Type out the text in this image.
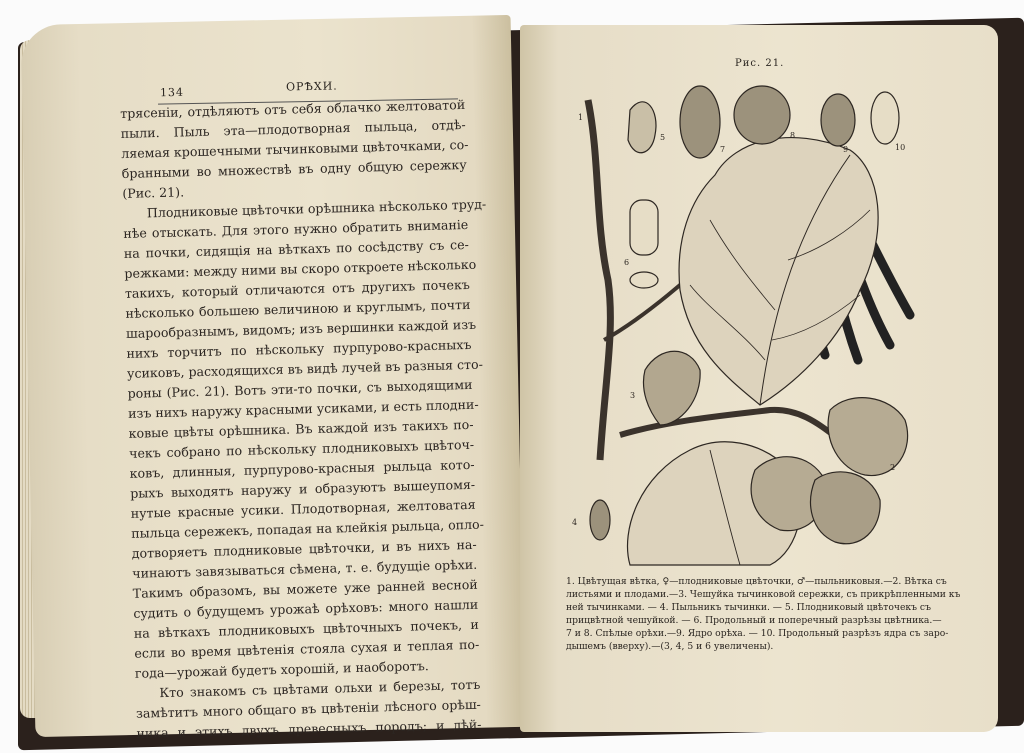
134	ОРѢХИ.
трясеніи, отдѣляютъ отъ себя облачко желтоватой
пыли. Пыль эта—плодотворная пыльца, отдѣ-
ляемая крошечными тычинковыми цвѣточками, со-
бранными во множествѣ въ одну общую сережку
(Рис. 21).
Плодниковые цвѣточки орѣшника нѣсколько труд-
нѣе отыскать. Для этого нужно обратить вниманіе
на почки, сидящія на вѣткахъ по сосѣдству съ се-
режками: между ними вы скоро откроете нѣсколько
такихъ, который отличаются отъ другихъ почекъ
нѣсколько большею величиною и круглымъ, почти
шарообразнымъ, видомъ; изъ вершинки каждой изъ
нихъ торчитъ по нѣскольку пурпурово-красныхъ
усиковъ, расходящихся въ видѣ лучей въ разныя сто-
роны (Рис. 21). Вотъ эти-то почки, съ выходящими
изъ нихъ наружу красными усиками, и есть плодни-
ковые цвѣты орѣшника. Въ каждой изъ такихъ по-
чекъ собрано по нѣскольку плодниковыхъ цвѣточ-
ковъ, длинныя, пурпурово-красныя рыльца кото-
рыхъ выходятъ наружу и образуютъ вышеупомя-
нутые красные усики. Плодотворная, желтоватая
пыльца сережекъ, попадая на клейкія рыльца, опло-
дотворяетъ плодниковые цвѣточки, и въ нихъ на-
чинаютъ завязываться сѣмена, т. е. будущіе орѣхи.
Такимъ образомъ, вы можете уже ранней весной
судить о будущемъ урожаѣ орѣховъ: много нашли
на вѣткахъ плодниковыхъ цвѣточныхъ почекъ, и
если во время цвѣтенія стояла сухая и теплая по-
года—урожай будетъ хорошій, и наоборотъ.
Кто знакомъ съ цвѣтами ольхи и березы, тотъ
замѣтитъ много общаго въ цвѣтеніи лѣсного орѣш-
ника и этихъ двухъ древесныхъ породъ; и дѣй-
Рис. 21.
1
2
3
4
5
6
7
8
9	10
1. Цвѣтущая вѣтка, ♀—плодниковые цвѣточки, ♂—пыльниковыя.—2. Вѣтка съ
листьями и плодами.—3. Чешуйка тычинковой сережки, съ прикрѣпленными къ
ней тычинками. — 4. Пыльникъ тычинки. — 5. Плодниковый цвѣточекъ съ
прицвѣтной чешуйкой. — 6. Продольный и поперечный разрѣзы цвѣтника.—
7 и 8. Спѣлые орѣхи.—9. Ядро орѣха. — 10. Продольный разрѣзъ ядра съ заро-
дышемъ (вверху).—(3, 4, 5 и 6 увеличены).
